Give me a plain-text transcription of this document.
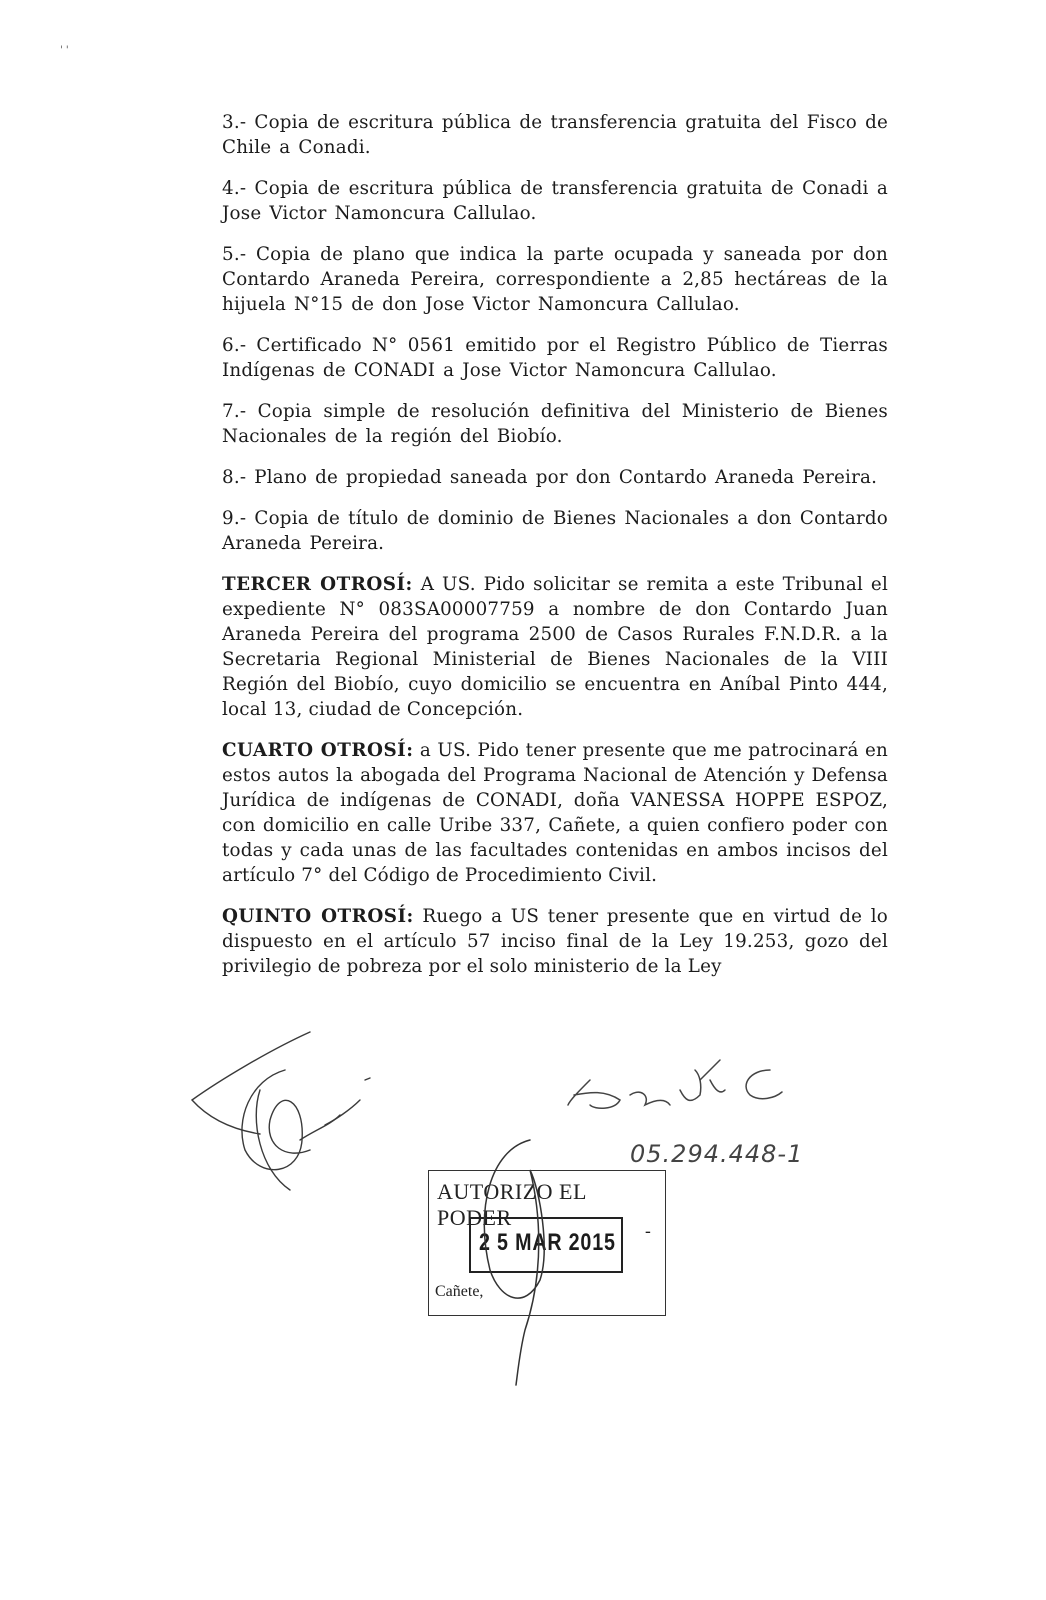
' '

3.- Copia de escritura pública de transferencia gratuita del Fisco de Chile a Conadi.

4.- Copia de escritura pública de transferencia gratuita de Conadi a Jose Victor Namoncura Callulao.

5.- Copia de plano que indica la parte ocupada y saneada por don Contardo Araneda Pereira, correspondiente a 2,85 hectáreas de la hijuela N°15 de don Jose Victor Namoncura Callulao.

6.- Certificado N° 0561 emitido por el Registro Público de Tierras Indígenas de CONADI a Jose Victor Namoncura Callulao.

7.- Copia simple de resolución definitiva del Ministerio de Bienes Nacionales de la región del Biobío.

8.- Plano de propiedad saneada por don Contardo Araneda Pereira.

9.- Copia de título de dominio de Bienes Nacionales a don Contardo Araneda Pereira.

TERCER OTROSÍ: A US. Pido solicitar se remita a este Tribunal el expediente N° 083SA00007759 a nombre de don Contardo Juan Araneda Pereira del programa 2500 de Casos Rurales F.N.D.R. a la Secretaria Regional Ministerial de Bienes Nacionales de la VIII Región del Biobío, cuyo domicilio se encuentra en Aníbal Pinto 444, local 13, ciudad de Concepción.

CUARTO OTROSÍ: a US. Pido tener presente que me patrocinará en estos autos la abogada del Programa Nacional de Atención y Defensa Jurídica de indígenas de CONADI, doña VANESSA HOPPE ESPOZ, con domicilio en calle Uribe 337, Cañete, a quien confiero poder con todas y cada unas de las facultades contenidas en ambos incisos del artículo 7° del Código de Procedimiento Civil.

QUINTO OTROSÍ: Ruego a US tener presente que en virtud de lo dispuesto en el artículo 57 inciso final de la Ley 19.253, gozo del privilegio de pobreza por el solo ministerio de la Ley

JNC 05.294.448-1
AUTORIZO EL PODER
2 5 MAR 2015 -
Cañete,
